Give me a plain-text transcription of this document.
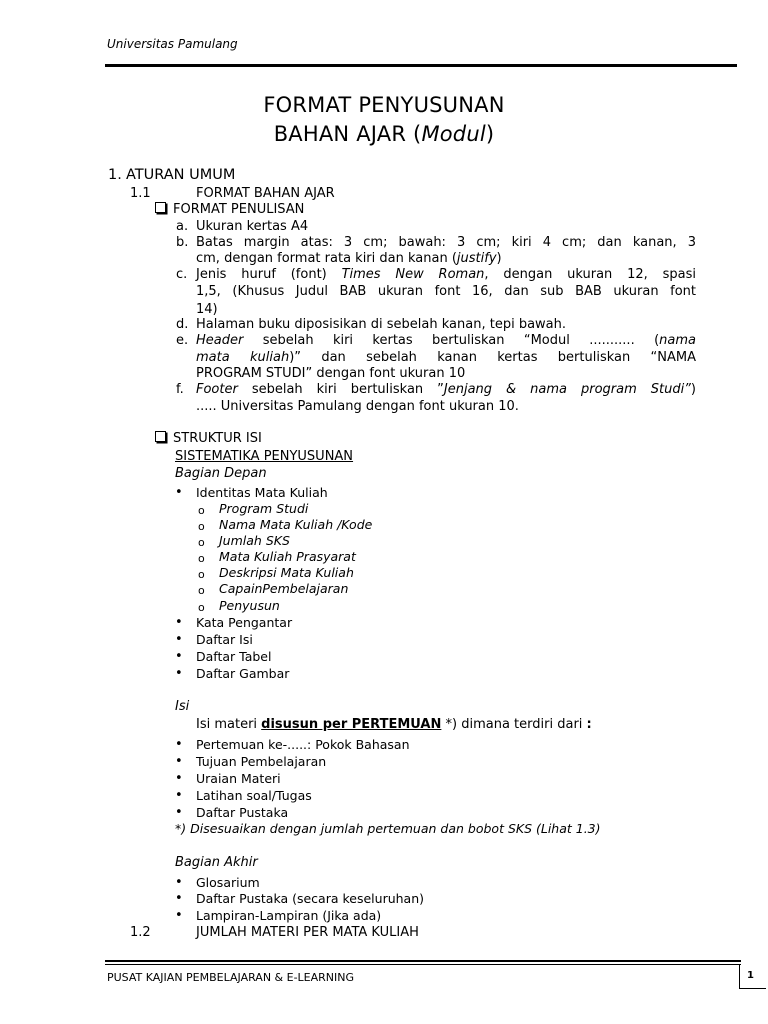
Universitas Pamulang
FORMAT PENYUSUNAN
BAHAN AJAR (Modul)
1. ATURAN UMUM
1.1	FORMAT BAHAN AJAR
FORMAT PENULISAN
a. Ukuran kertas A4
b. Batas margin atas: 3 cm; bawah: 3 cm; kiri 4 cm; dan kanan, 3
cm, dengan format rata kiri dan kanan (justify)
c. Jenis huruf (font) Times New Roman, dengan ukuran 12, spasi
1,5, (Khusus Judul BAB ukuran font 16, dan sub BAB ukuran font
14)
d. Halaman buku diposisikan di sebelah kanan, tepi bawah.
e. Header sebelah kiri kertas bertuliskan “Modul ........... (nama
mata kuliah)” dan sebelah kanan kertas bertuliskan “NAMA
PROGRAM STUDI” dengan font ukuran 10
f. Footer sebelah kiri bertuliskan ”Jenjang & nama program Studi”)
..... Universitas Pamulang dengan font ukuran 10.
STRUKTUR ISI
SISTEMATIKA PENYUSUNAN
Bagian Depan
• Identitas Mata Kuliah
o Program Studi
o Nama Mata Kuliah /Kode
o Jumlah SKS
o Mata Kuliah Prasyarat
o Deskripsi Mata Kuliah
o CapainPembelajaran
o Penyusun
• Kata Pengantar
• Daftar Isi
• Daftar Tabel
• Daftar Gambar
Isi
Isi materi disusun per PERTEMUAN *) dimana terdiri dari :
• Pertemuan ke-.....: Pokok Bahasan
• Tujuan Pembelajaran
• Uraian Materi
• Latihan soal/Tugas
• Daftar Pustaka
*) Disesuaikan dengan jumlah pertemuan dan bobot SKS (Lihat 1.3)
Bagian Akhir
• Glosarium
• Daftar Pustaka (secara keseluruhan)
• Lampiran-Lampiran (Jika ada)
1.2	JUMLAH MATERI PER MATA KULIAH
PUSAT KAJIAN PEMBELAJARAN & E-LEARNING	1
